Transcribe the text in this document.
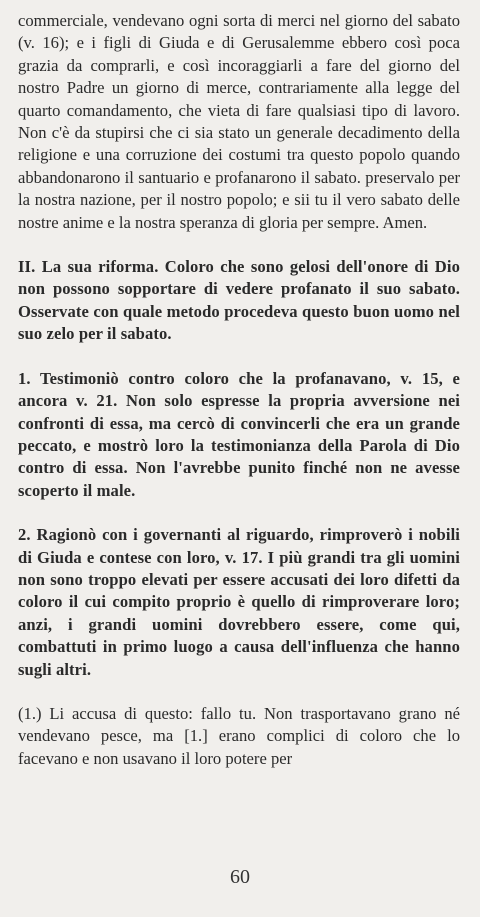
commerciale, vendevano ogni sorta di merci nel giorno del sabato (v. 16); e i figli di Giuda e di Gerusalemme ebbero così poca grazia da comprarli, e così incoraggiarli a fare del giorno del nostro Padre un giorno di merce, contrariamente alla legge del quarto comandamento, che vieta di fare qualsiasi tipo di lavoro. Non c'è da stupirsi che ci sia stato un generale decadimento della religione e una corruzione dei costumi tra questo popolo quando abbandonarono il santuario e profanarono il sabato. preservalo per la nostra nazione, per il nostro popolo; e sii tu il vero sabato delle nostre anime e la nostra speranza di gloria per sempre. Amen.

II. La sua riforma. Coloro che sono gelosi dell'onore di Dio non possono sopportare di vedere profanato il suo sabato. Osservate con quale metodo procedeva questo buon uomo nel suo zelo per il sabato.

1. Testimoniò contro coloro che la profanavano, v. 15, e ancora v. 21. Non solo espresse la propria avversione nei confronti di essa, ma cercò di convincerli che era un grande peccato, e mostrò loro la testimonianza della Parola di Dio contro di essa. Non l'avrebbe punito finché non ne avesse scoperto il male.

2. Ragionò con i governanti al riguardo, rimproverò i nobili di Giuda e contese con loro, v. 17. I più grandi tra gli uomini non sono troppo elevati per essere accusati dei loro difetti da coloro il cui compito proprio è quello di rimproverare loro; anzi, i grandi uomini dovrebbero essere, come qui, combattuti in primo luogo a causa dell'influenza che hanno sugli altri.

(1.) Li accusa di questo: fallo tu. Non trasportavano grano né vendevano pesce, ma [1.] erano complici di coloro che lo facevano e non usavano il loro potere per

60
